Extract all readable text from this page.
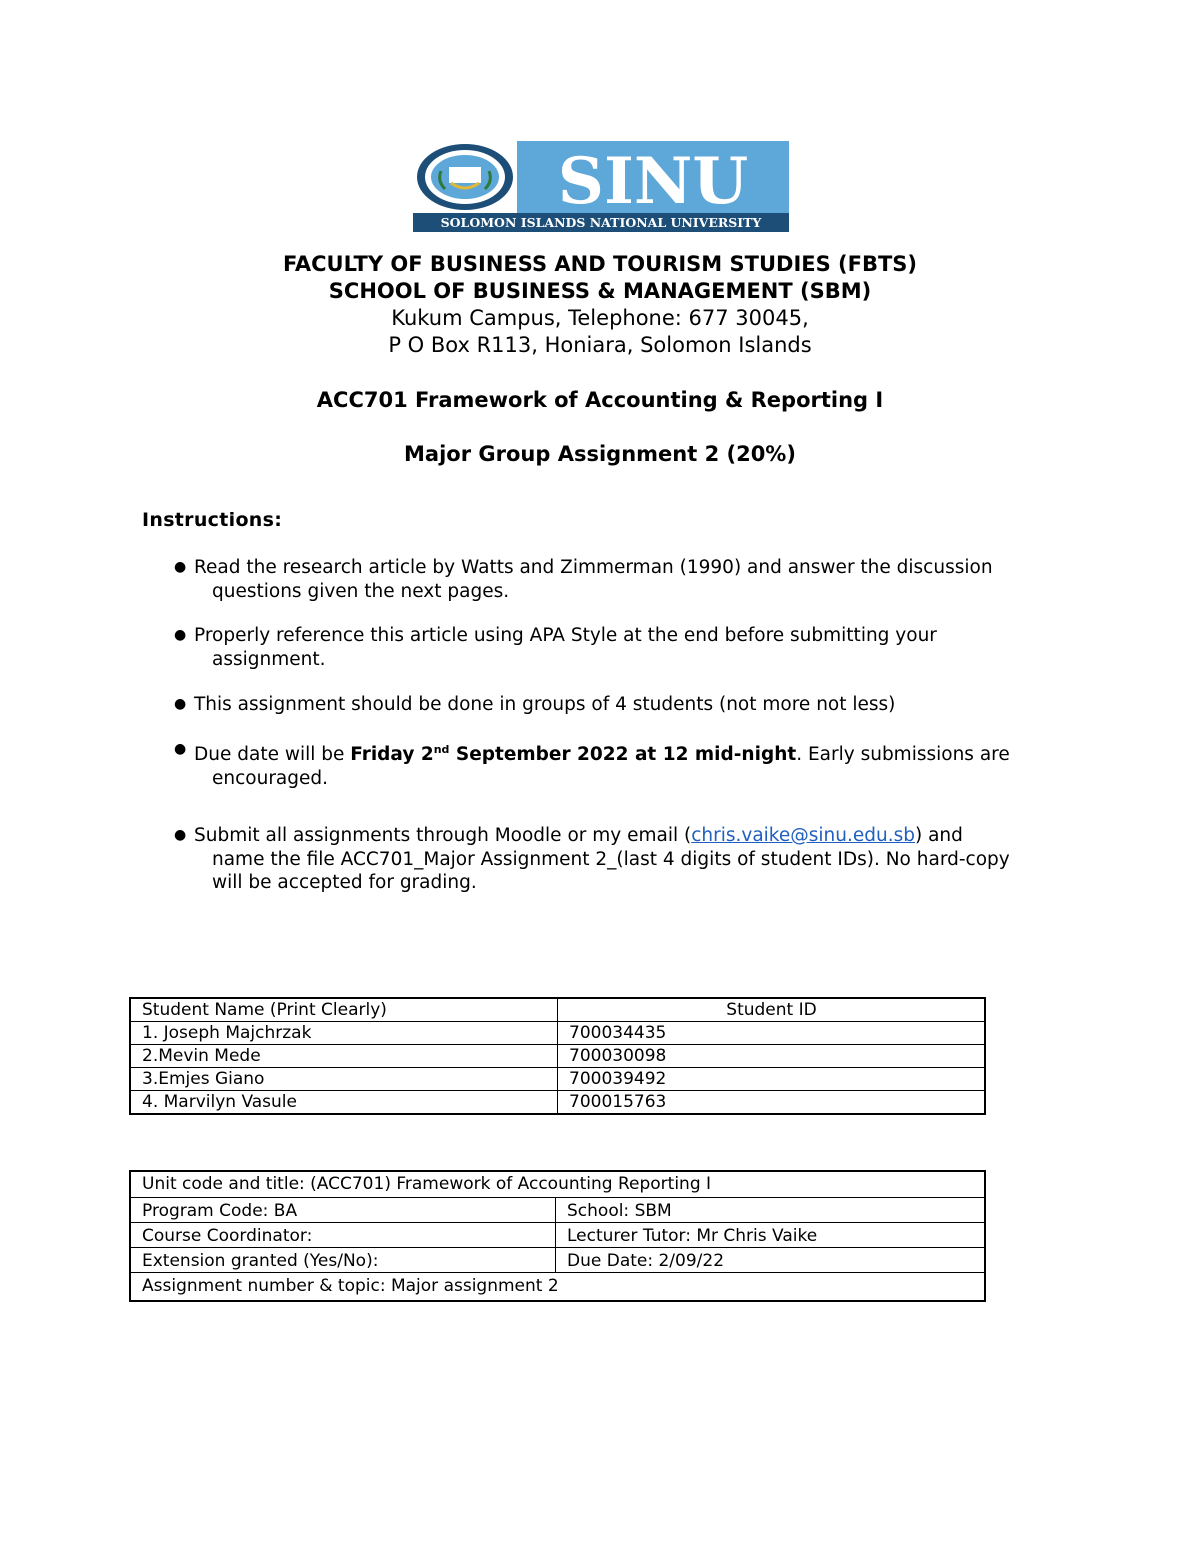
SINU
SOLOMON ISLANDS NATIONAL UNIVERSITY
FACULTY OF BUSINESS AND TOURISM STUDIES (FBTS)
SCHOOL OF BUSINESS & MANAGEMENT (SBM)
Kukum Campus, Telephone: 677 30045,
P O Box R113, Honiara, Solomon Islands
ACC701 Framework of Accounting & Reporting I
Major Group Assignment 2 (20%)
Instructions:
● Read the research article by Watts and Zimmerman (1990) and answer the discussion
questions given the next pages.
● Properly reference this article using APA Style at the end before submitting your
assignment.
● This assignment should be done in groups of 4 students (not more not less)
● Due date will be Friday 2nd September 2022 at 12 mid-night. Early submissions are
encouraged.
● Submit all assignments through Moodle or my email (chris.vaike@sinu.edu.sb) and
name the file ACC701_Major Assignment 2_(last 4 digits of student IDs). No hard-copy
will be accepted for grading.
Student Name (Print Clearly)	Student ID
1. Joseph Majchrzak	700034435
2.Mevin Mede	700030098
3.Emjes Giano	700039492
4. Marvilyn Vasule	700015763
Unit code and title: (ACC701) Framework of Accounting Reporting I	
Program Code: BA	School: SBM
Course Coordinator:	Lecturer Tutor: Mr Chris Vaike
Extension granted (Yes/No):	Due Date: 2/09/22
Assignment number & topic: Major assignment 2	
